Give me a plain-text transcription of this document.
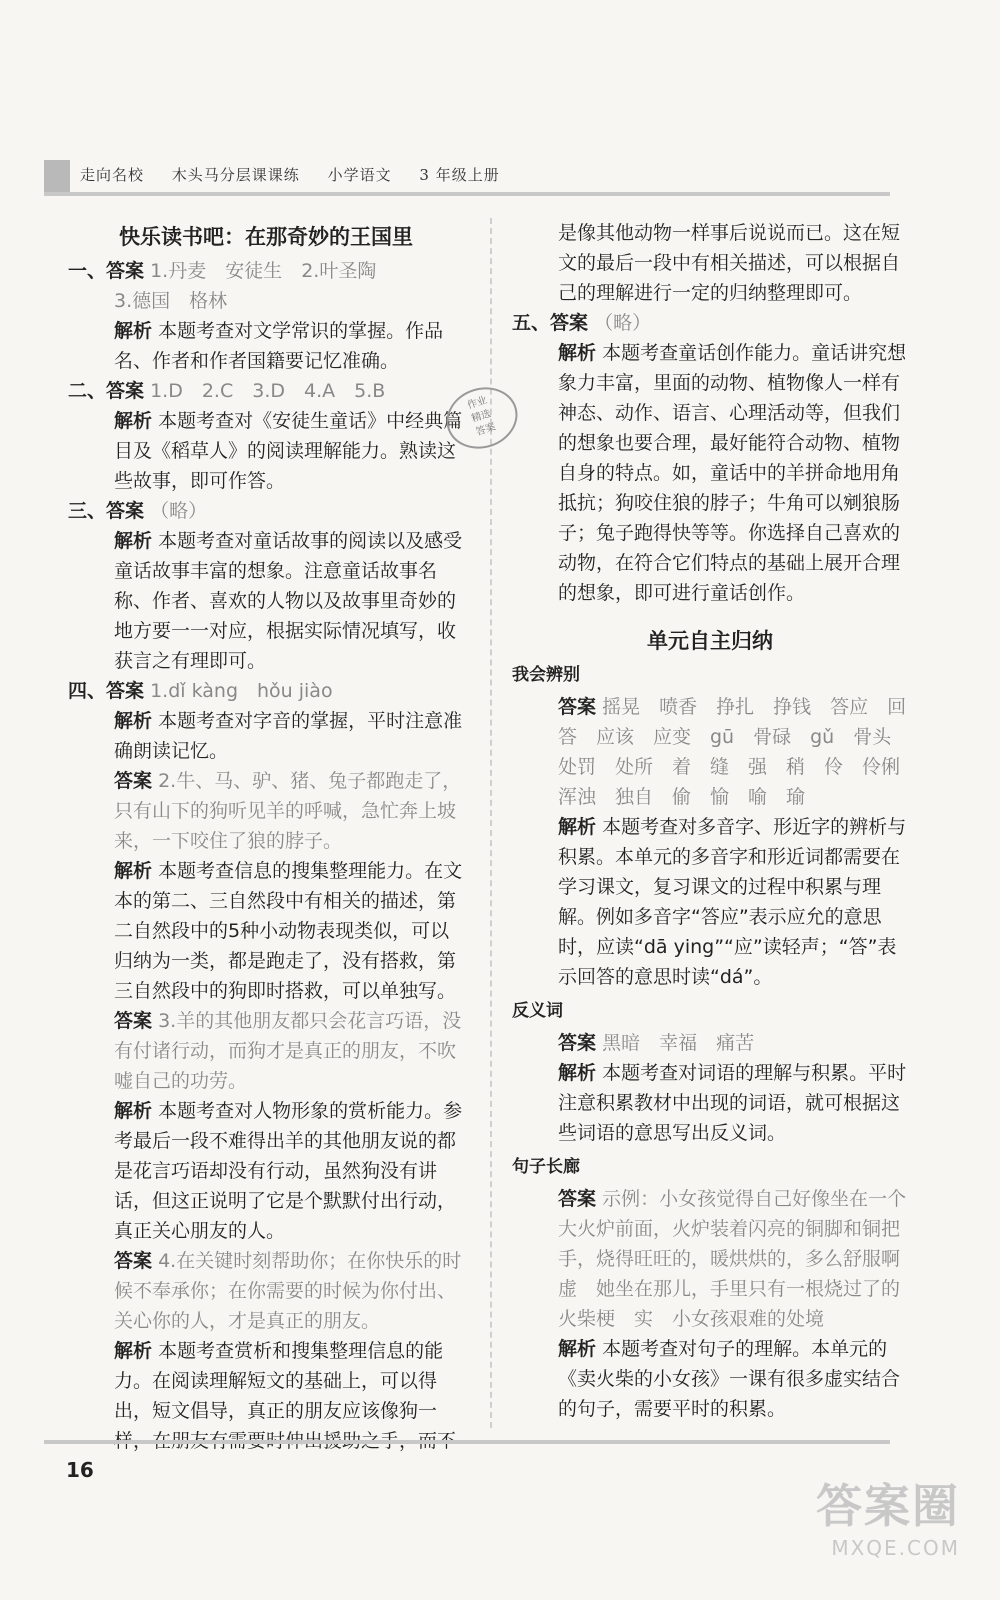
走向名校 木头马分层课课练 小学语文 3 年级上册
快乐读书吧：在那奇妙的王国里

一、答案 1.丹麦　安徒生　2.叶圣陶

3.德国　格林

解析 本题考查对文学常识的掌握。作品名、作者和作者国籍要记忆准确。

二、答案 1.D　2.C　3.D　4.A　5.B

解析 本题考查对《安徒生童话》中经典篇目及《稻草人》的阅读理解能力。熟读这些故事，即可作答。

三、答案 （略）

解析 本题考查对童话故事的阅读以及感受童话故事丰富的想象。注意童话故事名称、作者、喜欢的人物以及故事里奇妙的地方要一一对应，根据实际情况填写，收获言之有理即可。

四、答案 1.dǐ kàng　hǒu jiào

解析 本题考查对字音的掌握，平时注意准确朗读记忆。

答案 2.牛、马、驴、猪、兔子都跑走了，只有山下的狗听见羊的呼喊，急忙奔上坡来，一下咬住了狼的脖子。

解析 本题考查信息的搜集整理能力。在文本的第二、三自然段中有相关的描述，第二自然段中的5种小动物表现类似，可以归纳为一类，都是跑走了，没有搭救，第三自然段中的狗即时搭救，可以单独写。

答案 3.羊的其他朋友都只会花言巧语，没有付诸行动，而狗才是真正的朋友，不吹嘘自己的功劳。

解析 本题考查对人物形象的赏析能力。参考最后一段不难得出羊的其他朋友说的都是花言巧语却没有行动，虽然狗没有讲话，但这正说明了它是个默默付出行动，真正关心朋友的人。

答案 4.在关键时刻帮助你；在你快乐的时候不奉承你；在你需要的时候为你付出、关心你的人，才是真正的朋友。

解析 本题考查赏析和搜集整理信息的能力。在阅读理解短文的基础上，可以得出，短文倡导，真正的朋友应该像狗一

作业
精选
答案

是像其他动物一样事后说说而已。这在短文的最后一段中有相关描述，可以根据自己的理解进行一定的归纳整理即可。

五、答案 （略）

解析 本题考查童话创作能力。童话讲究想象力丰富，里面的动物、植物像人一样有神态、动作、语言、心理活动等，但我们的想象也要合理，最好能符合动物、植物自身的特点。如，童话中的羊拼命地用角抵抗；狗咬住狼的脖子；牛角可以剜狼肠子；兔子跑得快等等。你选择自己喜欢的动物，在符合它们特点的基础上展开合理的想象，即可进行童话创作。

单元自主归纳
我会辨别

答案 摇晃　喷香　挣扎　挣钱　答应　回答　应该　应变　gū　骨碌　gǔ　骨头　处罚　处所　着　缝　强　稍　伶　伶俐　浑浊　独自　偷　愉　喻　瑜

解析 本题考查对多音字、形近字的辨析与积累。本单元的多音字和形近词都需要在学习课文，复习课文的过程中积累与理解。例如多音字“答应”表示应允的意思时，应读“dā ying”“应”读轻声；“答”表示回答的意思时读“dá”。

反义词

答案 黑暗　幸福　痛苦

解析 本题考查对词语的理解与积累。平时注意积累教材中出现的词语，就可根据这些词语的意思写出反义词。

句子长廊

答案 示例：小女孩觉得自己好像坐在一个大火炉前面，火炉装着闪亮的铜脚和铜把手，烧得旺旺的，暖烘烘的，多么舒服啊　虚　她坐在那儿，手里只有一根烧过了的火柴梗　实　小女孩艰难的处境

解析 本题考查对句子的理解。本单元的《卖火柴的小女孩》一课有很多虚实结合的句子，需要平时的积累。

16
答案圈
MXQE.COM
